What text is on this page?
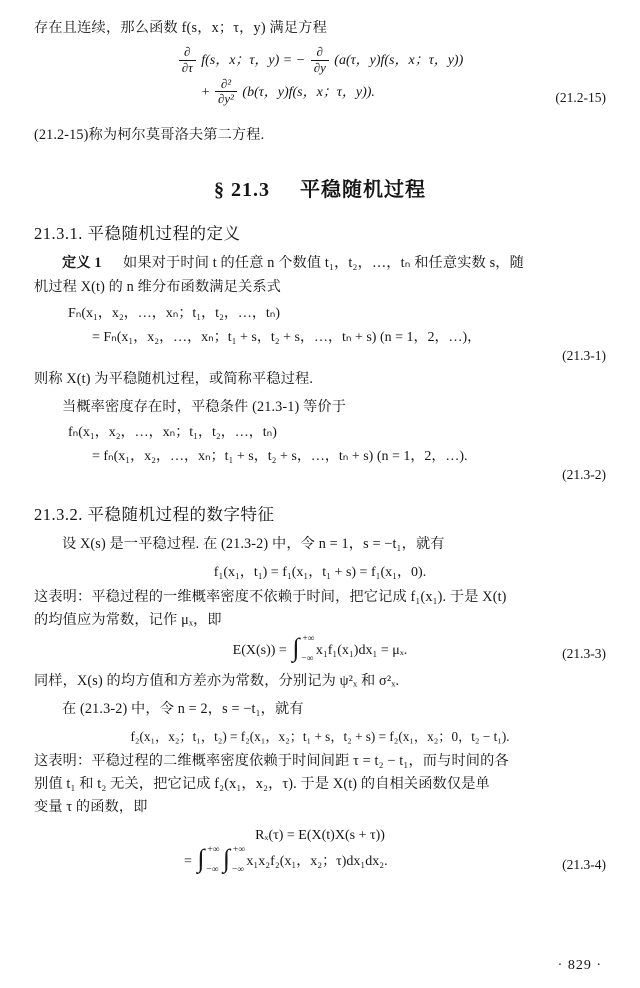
存在且连续，那么函数 f(s，x；τ，y) 满足方程
$\frac{\partial}{\partial\tau} f(s$，x；τ，y) = − $\frac{\partial}{\partial y} (a(\tau$，y)f(s，x；τ，y))
+ $\frac{\text{∂²}}{\text{∂y²}} (b(\tau$，y)f(s，x；τ，y)).	(21.2-15)
(21.2-15)称为柯尔莫哥洛夫第二方程.
§ 21.3 平稳随机过程
21.3.1. 平稳随机过程的定义
定义 1 如果对于时间 t 的任意 n 个数值 t₁，t₂，…，tₙ 和任意实数 s，随
机过程 X(t) 的 n 维分布函数满足关系式
Fₙ(x₁，x₂，…，xₙ；t₁，t₂，…，tₙ)
= Fₙ(x₁，x₂，…，xₙ；t₁ + s，t₂ + s，…，tₙ + s) (n = 1，2，…)，
(21.3-1)
则称 X(t) 为平稳随机过程，或简称平稳过程.
当概率密度存在时，平稳条件 (21.3-1) 等价于
fₙ(x₁，x₂，…，xₙ；t₁，t₂，…，tₙ)
= fₙ(x₁，x₂，…，xₙ；t₁ + s，t₂ + s，…，tₙ + s) (n = 1，2，…).
(21.3-2)
21.3.2. 平稳随机过程的数字特征
设 X(s) 是一平稳过程. 在 (21.3-2) 中，令 n = 1，s = −t₁，就有
f₁(x₁，t₁) = f₁(x₁，t₁ + s) = f₁(x₁，0).
这表明：平稳过程的一维概率密度不依赖于时间，把它记成 f₁(x₁). 于是 X(t)
的均值应为常数，记作 μₓ，即
E(X(s)) = ∫ +∞
−∞
x₁f₁(x₁)dx₁ = μₓ.	(21.3-3)
同样，X(s) 的均方值和方差亦为常数，分别记为 ψ²ₓ 和 σ²ₓ.
在 (21.3-2) 中，令 n = 2，s = −t₁，就有
f₂(x₁，x₂；t₁，t₂) = f₂(x₁，x₂；t₁ + s，t₂ + s) = f₂(x₁，x₂；0，t₂ − t₁).
这表明：平稳过程的二维概率密度依赖于时间间距 τ = t₂ − t₁，而与时间的各
别值 t₁ 和 t₂ 无关，把它记成 f₂(x₁，x₂，τ). 于是 X(t) 的自相关函数仅是单
变量 τ 的函数，即
Rₓ(τ) = E(X(t)X(s + τ))
= ∫ +∞
−∞
∫ +∞
−∞
x₁x₂f₂(x₁，x₂；τ)dx₁dx₂.	(21.3-4)
· 829 ·
